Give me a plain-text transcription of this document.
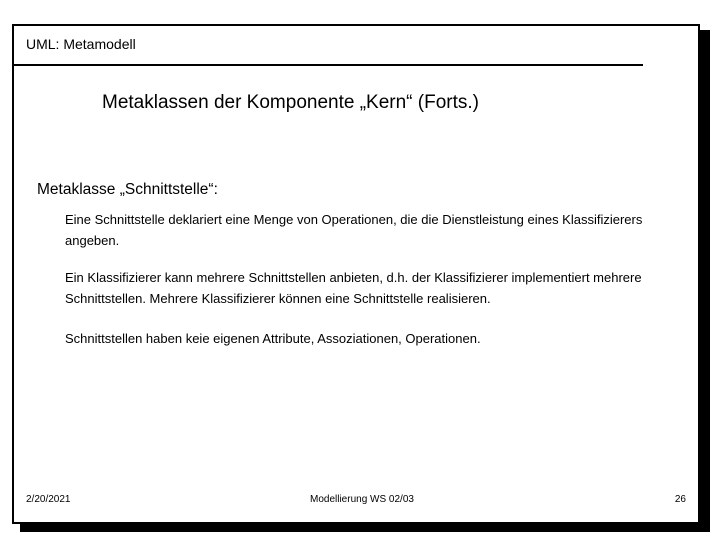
UML: Metamodell
Metaklassen der Komponente „Kern“ (Forts.)
Metaklasse „Schnittstelle“:
Eine Schnittstelle deklariert eine Menge von Operationen, die die Dienstleistung eines Klassifizierers angeben.
Ein Klassifizierer kann mehrere Schnittstellen anbieten, d.h. der Klassifizierer implementiert mehrere Schnittstellen. Mehrere Klassifizierer können eine Schnittstelle realisieren.
Schnittstellen haben keie eigenen Attribute, Assoziationen, Operationen.
2/20/2021	Modellierung WS 02/03	26
